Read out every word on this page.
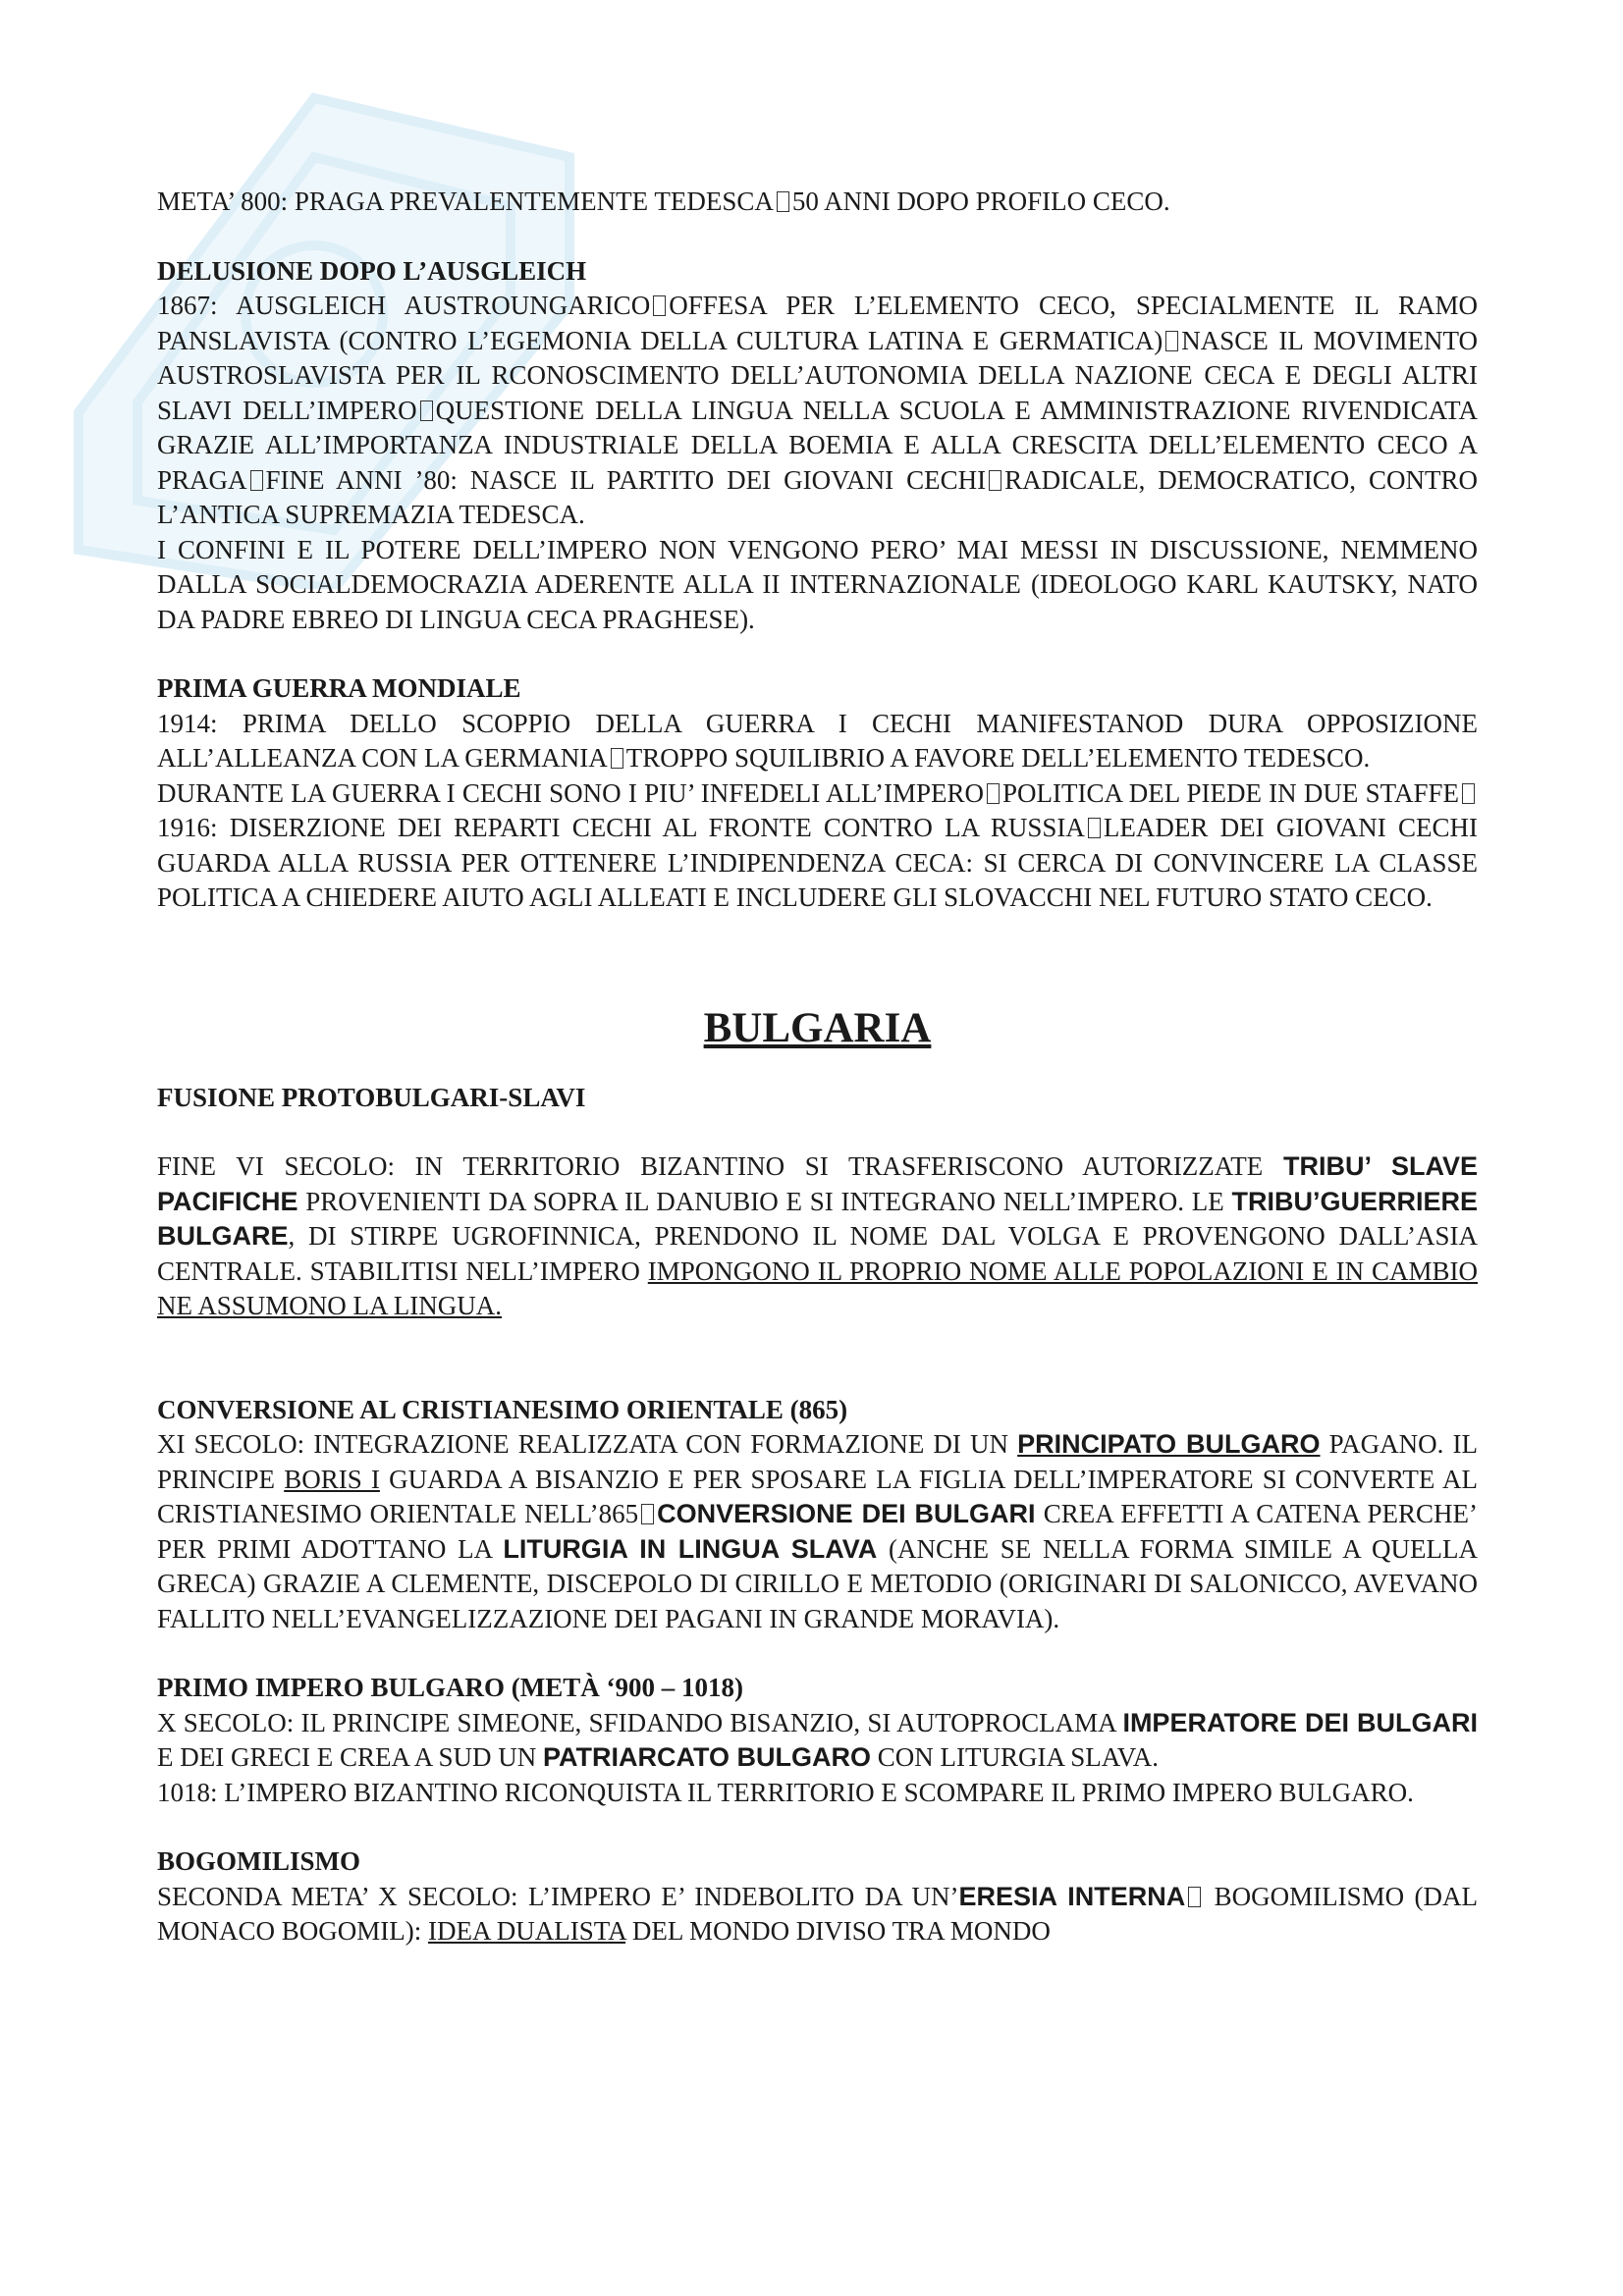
META’ 800: PRAGA PREVALENTEMENTE TEDESCA 50 ANNI DOPO PROFILO CECO.

DELUSIONE DOPO L’AUSGLEICH

1867: AUSGLEICH AUSTROUNGARICO OFFESA PER L’ELEMENTO CECO, SPECIALMENTE IL RAMO PANSLAVISTA (CONTRO L’EGEMONIA DELLA CULTURA LATINA E GERMATICA) NASCE IL MOVIMENTO AUSTROSLAVISTA PER IL RCONOSCIMENTO DELL’AUTONOMIA DELLA NAZIONE CECA E DEGLI ALTRI SLAVI DELL’IMPERO QUESTIONE DELLA LINGUA NELLA SCUOLA E AMMINISTRAZIONE RIVENDICATA GRAZIE ALL’IMPORTANZA INDUSTRIALE DELLA BOEMIA E ALLA CRESCITA DELL’ELEMENTO CECO A PRAGA FINE ANNI ’80: NASCE IL PARTITO DEI GIOVANI CECHI RADICALE, DEMOCRATICO, CONTRO L’ANTICA SUPREMAZIA TEDESCA.

I CONFINI E IL POTERE DELL’IMPERO NON VENGONO PERO’ MAI MESSI IN DISCUSSIONE, NEMMENO DALLA SOCIALDEMOCRAZIA ADERENTE ALLA II INTERNAZIONALE (IDEOLOGO KARL KAUTSKY, NATO DA PADRE EBREO DI LINGUA CECA PRAGHESE).

PRIMA GUERRA MONDIALE

1914: PRIMA DELLO SCOPPIO DELLA GUERRA I CECHI MANIFESTANOD DURA OPPOSIZIONE ALL’ALLEANZA CON LA GERMANIA TROPPO SQUILIBRIO A FAVORE DELL’ELEMENTO TEDESCO.

DURANTE LA GUERRA I CECHI SONO I PIU’ INFEDELI ALL’IMPERO POLITICA DEL PIEDE IN DUE STAFFE1916: DISERZIONE DEI REPARTI CECHI AL FRONTE CONTRO LA RUSSIA LEADER DEI GIOVANI CECHI GUARDA ALLA RUSSIA PER OTTENERE L’INDIPENDENZA CECA: SI CERCA DI CONVINCERE LA CLASSE POLITICA A CHIEDERE AIUTO AGLI ALLEATI E INCLUDERE GLI SLOVACCHI NEL FUTURO STATO CECO.

BULGARIA
FUSIONE PROTOBULGARI-SLAVI

FINE VI SECOLO: IN TERRITORIO BIZANTINO SI TRASFERISCONO AUTORIZZATE TRIBU’ SLAVE PACIFICHE PROVENIENTI DA SOPRA IL DANUBIO E SI INTEGRANO NELL’IMPERO. LE TRIBU’GUERRIERE BULGARE, DI STIRPE UGROFINNICA, PRENDONO IL NOME DAL VOLGA E PROVENGONO DALL’ASIA CENTRALE. STABILITISI NELL’IMPERO IMPONGONO IL PROPRIO NOME ALLE POPOLAZIONI E IN CAMBIO NE ASSUMONO LA LINGUA.

CONVERSIONE AL CRISTIANESIMO ORIENTALE (865)

XI SECOLO: INTEGRAZIONE REALIZZATA CON FORMAZIONE DI UN PRINCIPATO BULGARO PAGANO. IL PRINCIPE BORIS I GUARDA A BISANZIO E PER SPOSARE LA FIGLIA DELL’IMPERATORE SI CONVERTE AL CRISTIANESIMO ORIENTALE NELL’865 CONVERSIONE DEI BULGARI CREA EFFETTI A CATENA PERCHE’ PER PRIMI ADOTTANO LA LITURGIA IN LINGUA SLAVA (ANCHE SE NELLA FORMA SIMILE A QUELLA GRECA) GRAZIE A CLEMENTE, DISCEPOLO DI CIRILLO E METODIO (ORIGINARI DI SALONICCO, AVEVANO FALLITO NELL’EVANGELIZZAZIONE DEI PAGANI IN GRANDE MORAVIA).

PRIMO IMPERO BULGARO (METÀ ‘900 – 1018)

X SECOLO: IL PRINCIPE SIMEONE, SFIDANDO BISANZIO, SI AUTOPROCLAMA IMPERATORE DEI BULGARI E DEI GRECI E CREA A SUD UN PATRIARCATO BULGARO CON LITURGIA SLAVA.

1018: L’IMPERO BIZANTINO RICONQUISTA IL TERRITORIO E SCOMPARE IL PRIMO IMPERO BULGARO.

BOGOMILISMO

SECONDA META’ X SECOLO: L’IMPERO E’ INDEBOLITO DA UN’ERESIA INTERNA BOGOMILISMO (DAL MONACO BOGOMIL): IDEA DUALISTA DEL MONDO DIVISO TRA MONDO
